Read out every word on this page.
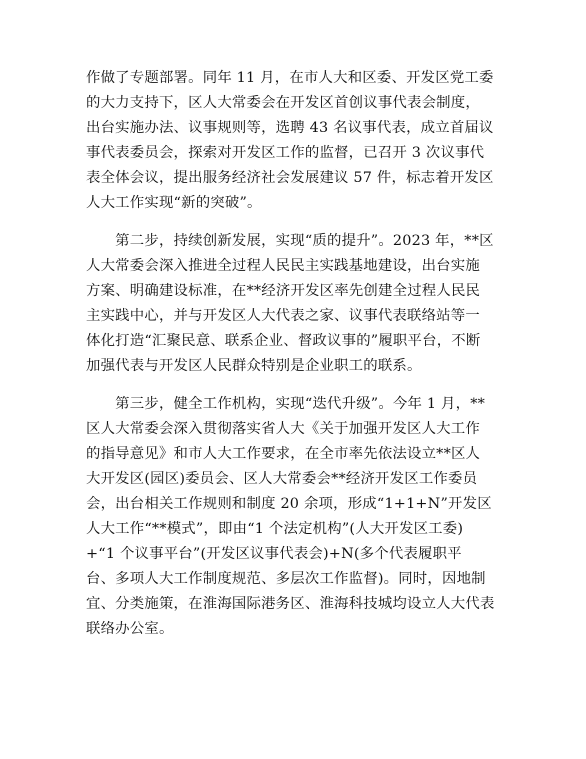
作做了专题部署。同年 11 月，在市人大和区委、开发区党工委
的大力支持下，区人大常委会在开发区首创议事代表会制度，
出台实施办法、议事规则等，选聘 43 名议事代表，成立首届议
事代表委员会，探索对开发区工作的监督，已召开 3 次议事代
表全体会议，提出服务经济社会发展建议 57 件，标志着开发区
人大工作实现“新的突破”。
　　第二步，持续创新发展，实现“质的提升”。2023 年，**区
人大常委会深入推进全过程人民民主实践基地建设，出台实施
方案、明确建设标准，在**经济开发区率先创建全过程人民民
主实践中心，并与开发区人大代表之家、议事代表联络站等一
体化打造“汇聚民意、联系企业、督政议事的”履职平台，不断
加强代表与开发区人民群众特别是企业职工的联系。
　　第三步，健全工作机构，实现“迭代升级”。今年 1 月，**
区人大常委会深入贯彻落实省人大《关于加强开发区人大工作
的指导意见》和市人大工作要求，在全市率先依法设立**区人
大开发区(园区)委员会、区人大常委会**经济开发区工作委员
会，出台相关工作规则和制度 20 余项，形成“1+1+N”开发区
人大工作“**模式”，即由“1 个法定机构”(人大开发区工委)
+“1 个议事平台”(开发区议事代表会)+N(多个代表履职平
台、多项人大工作制度规范、多层次工作监督)。同时，因地制
宜、分类施策，在淮海国际港务区、淮海科技城均设立人大代表
联络办公室。
